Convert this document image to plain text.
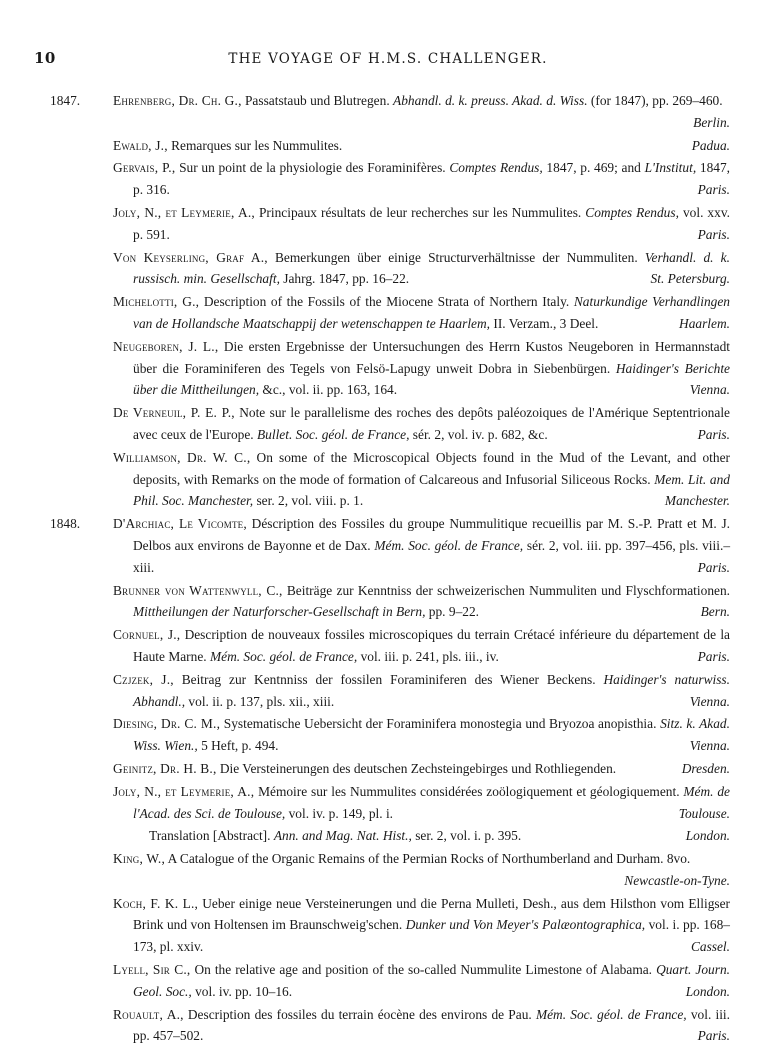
10	THE VOYAGE OF H.M.S. CHALLENGER.
1847. Ehrenberg, Dr. Ch. G., Passatstaub und Blutregen. Abhandl. d. k. preuss. Akad. d. Wiss. (for 1847), pp. 269–460.
Berlin.
Ewald, J., Remarques sur les Nummulites.	Padua.
Gervais, P., Sur un point de la physiologie des Foraminifères. Comptes Rendus, 1847, p. 469; and L'Institut, 1847, p. 316.	Paris.
Joly, N., et Leymerie, A., Principaux résultats de leur recherches sur les Nummulites. Comptes Rendus, vol. xxv. p. 591.	Paris.
Von Keyserling, Graf A., Bemerkungen über einige Structurverhältnisse der Nummuliten. Verhandl. d. k. russisch. min. Gesellschaft, Jahrg. 1847, pp. 16–22.	St. Petersburg.
Michelotti, G., Description of the Fossils of the Miocene Strata of Northern Italy. Naturkundige Verhandlingen van de Hollandsche Maatschappij der wetenschappen te Haarlem, II. Verzam., 3 Deel.	Haarlem.
Neugeboren, J. L., Die ersten Ergebnisse der Untersuchungen des Herrn Kustos Neugeboren in Hermannstadt über die Foraminiferen des Tegels von Felsö-Lapugy unweit Dobra in Siebenbürgen. Haidinger's Berichte über die Mittheilungen, &c., vol. ii. pp. 163, 164.	Vienna.
De Verneuil, P. E. P., Note sur le parallelisme des roches des depôts paléozoiques de l'Amérique Septentrionale avec ceux de l'Europe. Bullet. Soc. géol. de France, sér. 2, vol. iv. p. 682, &c.	Paris.
Williamson, Dr. W. C., On some of the Microscopical Objects found in the Mud of the Levant, and other deposits, with Remarks on the mode of formation of Calcareous and Infusorial Siliceous Rocks. Mem. Lit. and Phil. Soc. Manchester, ser. 2, vol. viii. p. 1.	Manchester.
1848. D'Archiac, Le Vicomte, Déscription des Fossiles du groupe Nummulitique recueillis par M. S.-P. Pratt et M. J. Delbos aux environs de Bayonne et de Dax. Mém. Soc. géol. de France, sér. 2, vol. iii. pp. 397–456, pls. viii.–xiii.	Paris.
Brunner von Wattenwyll, C., Beiträge zur Kenntniss der schweizerischen Nummuliten und Flyschformationen. Mittheilungen der Naturforscher-Gesellschaft in Bern, pp. 9–22.	Bern.
Cornuel, J., Description de nouveaux fossiles microscopiques du terrain Crétacé inférieure du département de la Haute Marne. Mém. Soc. géol. de France, vol. iii. p. 241, pls. iii., iv.	Paris.
Czjzek, J., Beitrag zur Kentnniss der fossilen Foraminiferen des Wiener Beckens. Haidinger's naturwiss. Abhandl., vol. ii. p. 137, pls. xii., xiii.	Vienna.
Diesing, Dr. C. M., Systematische Uebersicht der Foraminifera monostegia und Bryozoa anopisthia. Sitz. k. Akad. Wiss. Wien., 5 Heft, p. 494.	Vienna.
Geinitz, Dr. H. B., Die Versteinerungen des deutschen Zechsteingebirges und Rothliegenden.	Dresden.
Joly, N., et Leymerie, A., Mémoire sur les Nummulites considérées zoölogiquement et géologiquement. Mém. de l'Acad. des Sci. de Toulouse, vol. iv. p. 149, pl. i.	Toulouse.
Translation [Abstract]. Ann. and Mag. Nat. Hist., ser. 2, vol. i. p. 395.	London.
King, W., A Catalogue of the Organic Remains of the Permian Rocks of Northumberland and Durham. 8vo.
Newcastle-on-Tyne.
Koch, F. K. L., Ueber einige neue Versteinerungen und die Perna Mulleti, Desh., aus dem Hilsthon vom Elligser Brink und von Holtensen im Braunschweig'schen. Dunker und Von Meyer's Palæontographica, vol. i. pp. 168–173, pl. xxiv.	Cassel.
Lyell, Sir C., On the relative age and position of the so-called Nummulite Limestone of Alabama. Quart. Journ. Geol. Soc., vol. iv. pp. 10–16.	London.
Rouault, A., Description des fossiles du terrain éocène des environs de Pau. Mém. Soc. géol. de France, vol. iii. pp. 457–502.	Paris.
